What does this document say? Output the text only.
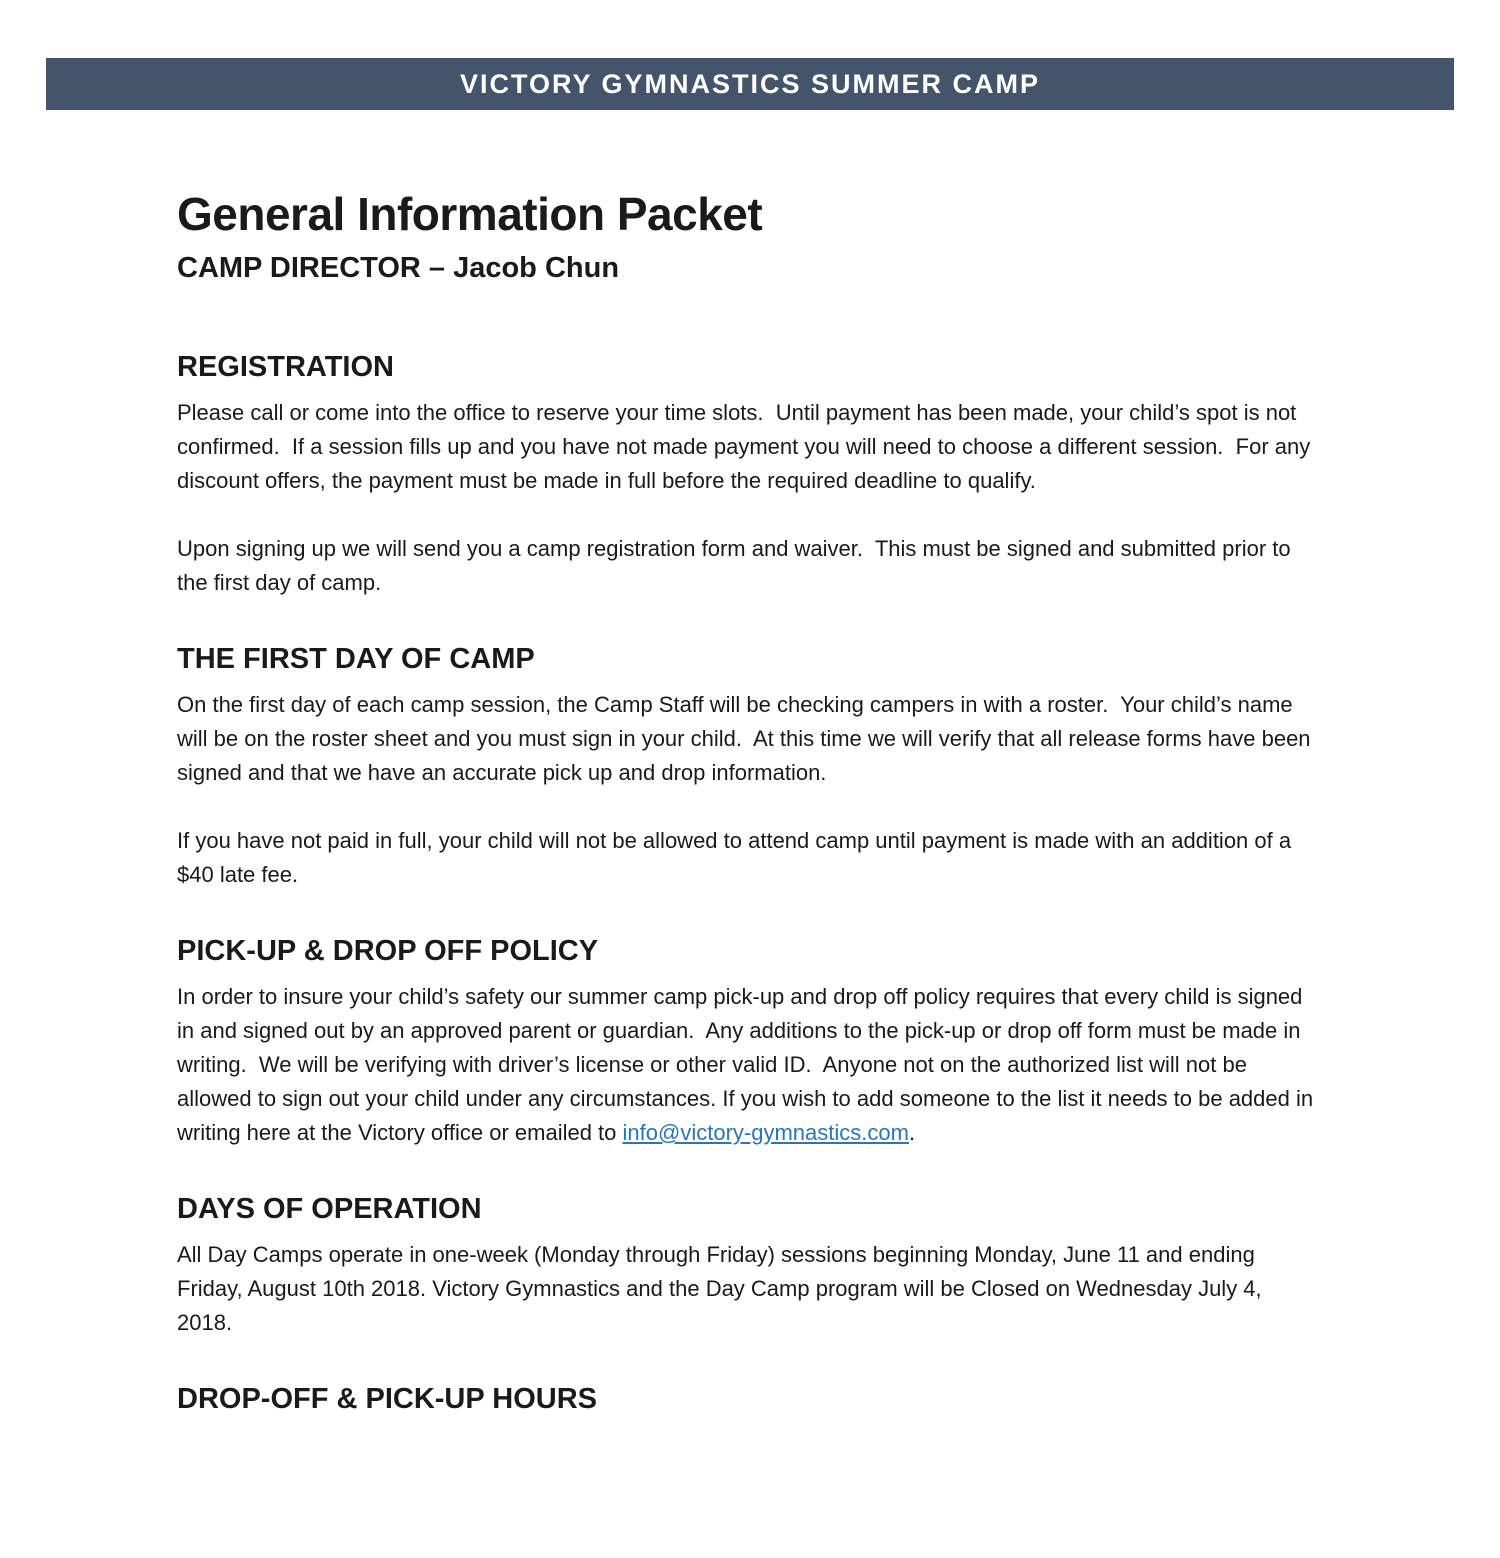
VICTORY GYMNASTICS SUMMER CAMP
General Information Packet
CAMP DIRECTOR – Jacob Chun
REGISTRATION

Please call or come into the office to reserve your time slots.  Until payment has been made, your child’s spot is not confirmed.  If a session fills up and you have not made payment you will need to choose a different session.  For any discount offers, the payment must be made in full before the required deadline to qualify.

Upon signing up we will send you a camp registration form and waiver.  This must be signed and submitted prior to the first day of camp.

THE FIRST DAY OF CAMP

On the first day of each camp session, the Camp Staff will be checking campers in with a roster.  Your child’s name will be on the roster sheet and you must sign in your child.  At this time we will verify that all release forms have been signed and that we have an accurate pick up and drop information.

If you have not paid in full, your child will not be allowed to attend camp until payment is made with an addition of a $40 late fee.

PICK-UP & DROP OFF POLICY

In order to insure your child’s safety our summer camp pick-up and drop off policy requires that every child is signed in and signed out by an approved parent or guardian.  Any additions to the pick-up or drop off form must be made in writing.  We will be verifying with driver’s license or other valid ID.  Anyone not on the authorized list will not be allowed to sign out your child under any circumstances. If you wish to add someone to the list it needs to be added in writing here at the Victory office or emailed to info@victory-gymnastics.com.

DAYS OF OPERATION

All Day Camps operate in one-week (Monday through Friday) sessions beginning Monday, June 11 and ending Friday, August 10th 2018. Victory Gymnastics and the Day Camp program will be Closed on Wednesday July 4, 2018.

DROP-OFF & PICK-UP HOURS
